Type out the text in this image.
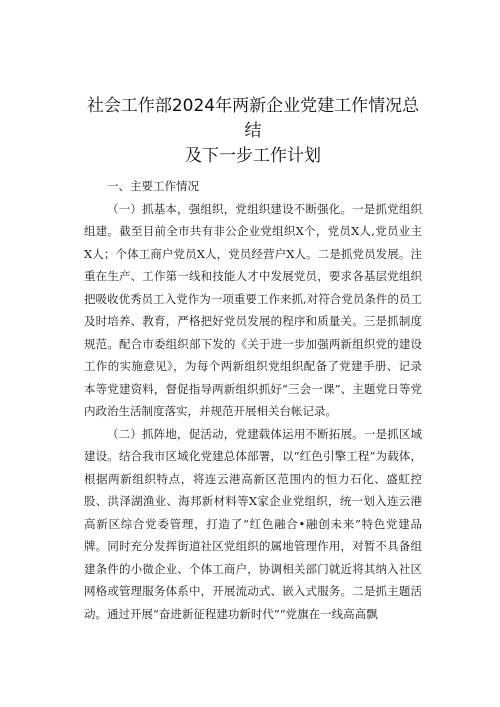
社会工作部2024年两新企业党建工作情况总结
及下一步工作计划

一、主要工作情况

（一）抓基本，强组织，党组织建设不断强化。一是抓党组织组建。截至目前全市共有非公企业党组织X个，党员X人,党员业主X人；个体工商户党员X人，党员经营户X人。二是抓党员发展。注重在生产、工作第一线和技能人才中发展党员，要求各基层党组织把吸收优秀员工入党作为一项重要工作来抓,对符合党员条件的员工及时培养、教育，严格把好党员发展的程序和质量关。三是抓制度规范。配合市委组织部下发的《关于进一步加强两新组织党的建设工作的实施意见》，为每个两新组织党组织配备了党建手册、记录本等党建资料，督促指导两新组织抓好“三会一课”、主题党日等党内政治生活制度落实，并规范开展相关台帐记录。

（二）抓阵地，促活动，党建载体运用不断拓展。一是抓区域建设。结合我市区域化党建总体部署，以“红色引擎工程”为载体，根据两新组织特点，将连云港高新区范围内的恒力石化、盛虹控股、洪泽湖渔业、海邦新材料等X家企业党组织，统一划入连云港高新区综合党委管理，打造了“红色融合•融创未来”特色党建品牌。同时充分发挥街道社区党组织的属地管理作用，对暂不具备组建条件的小微企业、个体工商户，协调相关部门就近将其纳入社区网格或管理服务体系中，开展流动式、嵌入式服务。二是抓主题活动。通过开展“奋进新征程建功新时代”“党旗在一线高高飘
